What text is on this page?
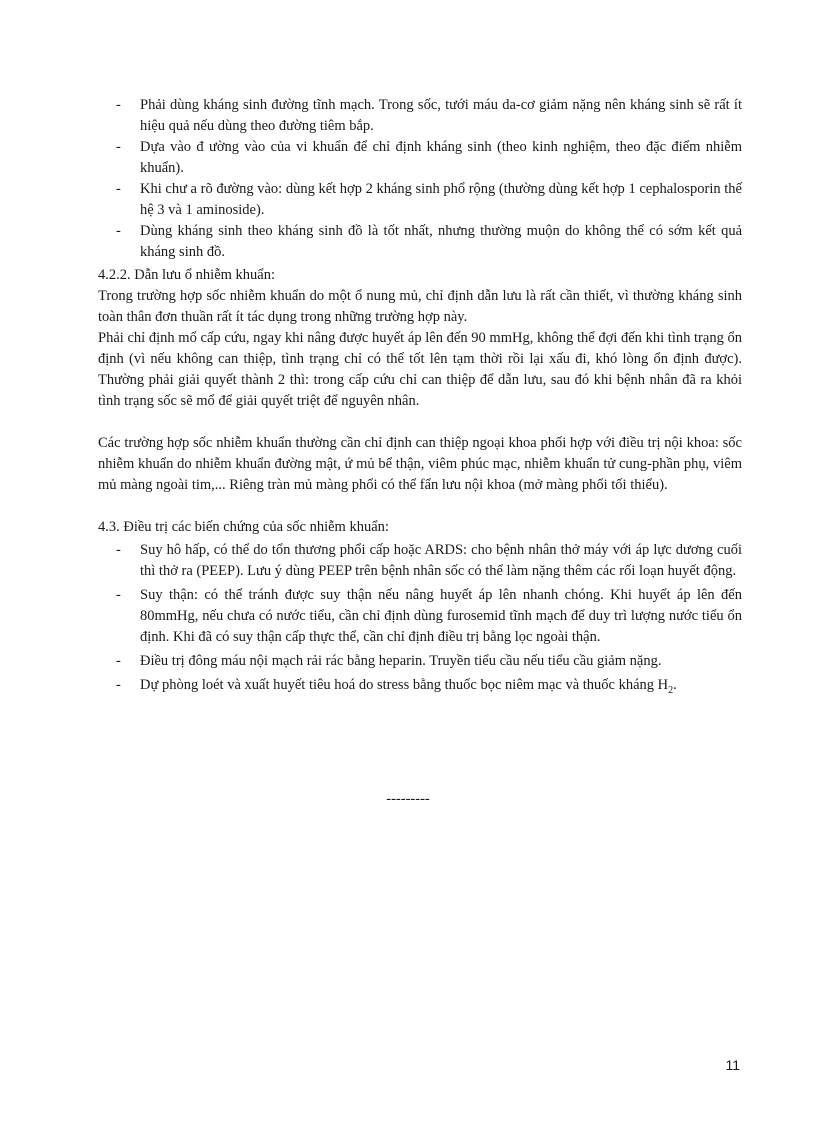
-	Phải dùng kháng sinh đường tĩnh mạch. Trong sốc, tưới máu da-cơ giảm nặng nên kháng sinh sẽ rất ít hiệu quả nếu dùng theo đường tiêm bắp.
-	Dựa vào đ ường vào của vi khuẩn để chỉ định kháng sinh (theo kinh nghiệm, theo đặc điểm nhiễm khuẩn).
-	Khi chư a rõ đường vào: dùng kết hợp 2 kháng sinh phổ rộng (thường dùng kết hợp 1 cephalosporin thế hệ 3 và 1 aminoside).
-	Dùng kháng sinh theo kháng sinh đồ là tốt nhất, nhưng thường muộn do không thể có sớm kết quả kháng sinh đồ.

4.2.2. Dẫn lưu ổ nhiễm khuẩn:

Trong trường hợp sốc nhiễm khuẩn do một ổ nung mủ, chỉ định dẫn lưu là rất cần thiết, vì thường kháng sinh toàn thân đơn thuần rất ít tác dụng trong những trường hợp này.

Phải chỉ định mổ cấp cứu, ngay khi nâng được huyết áp lên đến 90 mmHg, không thể đợi đến khi tình trạng ổn định (vì nếu không can thiệp, tình trạng chỉ có thể tốt lên tạm thời rồi lại xấu đi, khó lòng ổn định được). Thường phải giải quyết thành 2 thì: trong cấp cứu chỉ can thiệp để dẫn lưu, sau đó khi bệnh nhân đã ra khỏi tình trạng sốc sẽ mổ để giải quyết triệt để nguyên nhân.

Các trường hợp sốc nhiễm khuẩn thường cần chỉ định can thiệp ngoại khoa phối hợp với điều trị nội khoa: sốc nhiễm khuẩn do nhiễm khuẩn đường mật, ứ mủ bể thận, viêm phúc mạc, nhiễm khuẩn tử cung-phần phụ, viêm mủ màng ngoài tim,... Riêng tràn mủ màng phổi có thể fẩn lưu nội khoa (mở màng phổi tối thiểu).

4.3. Điều trị các biến chứng của sốc nhiễm khuẩn:

-	Suy hô hấp, có thể do tổn thương phổi cấp hoặc ARDS: cho bệnh nhân thở máy với áp lực dương cuối thì thở ra (PEEP). Lưu ý dùng PEEP trên bệnh nhân sốc có thể làm nặng thêm các rối loạn huyết động.
-	Suy thận: có thể tránh được suy thận nếu nâng huyết áp lên nhanh chóng. Khi huyết áp lên đến 80mmHg, nếu chưa có nước tiểu, cần chỉ định dùng furosemid tĩnh mạch để duy trì lượng nước tiểu ổn định. Khi đã có suy thận cấp thực thể, cần chỉ định điều trị bằng lọc ngoài thận.
-	Điều trị đông máu nội mạch rải rác bằng heparin. Truyền tiểu cầu nếu tiểu cầu giảm nặng.
-	Dự phòng loét và xuất huyết tiêu hoá do stress bằng thuốc bọc niêm mạc và thuốc kháng $H_2$.
---------
11
